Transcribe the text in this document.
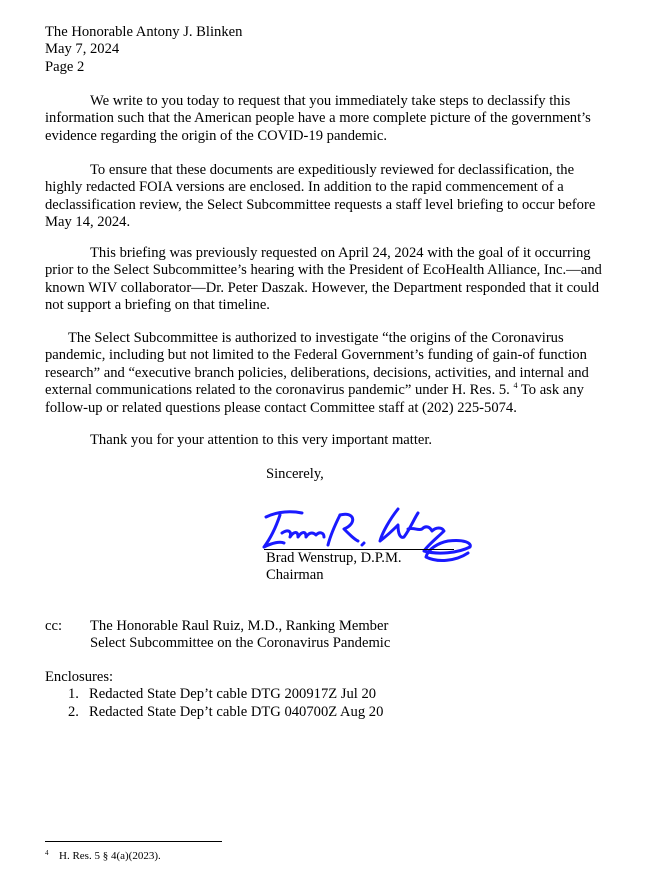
The Honorable Antony J. Blinken
May 7, 2024
Page 2
We write to you today to request that you immediately take steps to declassify this
information such that the American people have a more complete picture of the government’s
evidence regarding the origin of the COVID-19 pandemic.
To ensure that these documents are expeditiously reviewed for declassification, the
highly redacted FOIA versions are enclosed. In addition to the rapid commencement of a
declassification review, the Select Subcommittee requests a staff level briefing to occur before
May 14, 2024.
This briefing was previously requested on April 24, 2024 with the goal of it occurring
prior to the Select Subcommittee’s hearing with the President of EcoHealth Alliance, Inc.—and
known WIV collaborator—Dr. Peter Daszak. However, the Department responded that it could
not support a briefing on that timeline.
The Select Subcommittee is authorized to investigate “the origins of the Coronavirus
pandemic, including but not limited to the Federal Government’s funding of gain-of function
research” and “executive branch policies, deliberations, decisions, activities, and internal and
external communications related to the coronavirus pandemic” under H. Res. 5. $^4$ To ask any
follow-up or related questions please contact Committee staff at (202) 225-5074.
Thank you for your attention to this very important matter.
Sincerely,
Brad Wenstrup, D.P.M.
Chairman
cc: The Honorable Raul Ruiz, M.D., Ranking Member
Select Subcommittee on the Coronavirus Pandemic
Enclosures:
1. Redacted State Dep’t cable DTG 200917Z Jul 20
2. Redacted State Dep’t cable DTG 040700Z Aug 20
4 H. Res. 5 § 4(a)(2023).
